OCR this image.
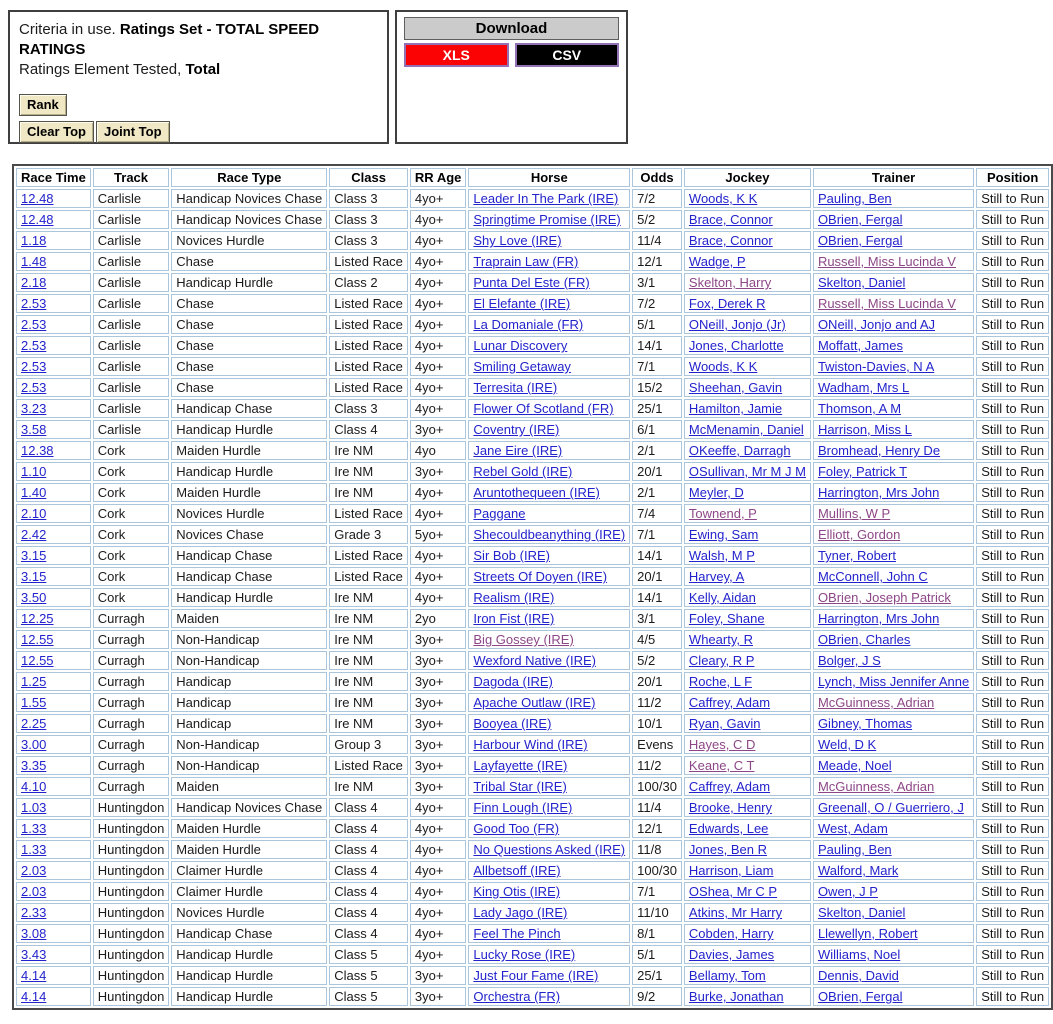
Criteria in use. Ratings Set - TOTAL SPEED RATINGS
Ratings Element Tested, Total
Rank
Clear Top	Joint Top
Download
XLS	CSV
Race Time	Track	Race Type	Class	RR Age	Horse	Odds	Jockey	Trainer	Position
12.48	Carlisle	Handicap Novices Chase	Class 3	4yo+	Leader In The Park (IRE)	7/2	Woods, K K	Pauling, Ben	Still to Run
12.48	Carlisle	Handicap Novices Chase	Class 3	4yo+	Springtime Promise (IRE)	5/2	Brace, Connor	OBrien, Fergal	Still to Run
1.18	Carlisle	Novices Hurdle	Class 3	4yo+	Shy Love (IRE)	11/4	Brace, Connor	OBrien, Fergal	Still to Run
1.48	Carlisle	Chase	Listed Race	4yo+	Traprain Law (FR)	12/1	Wadge, P	Russell, Miss Lucinda V	Still to Run
2.18	Carlisle	Handicap Hurdle	Class 2	4yo+	Punta Del Este (FR)	3/1	Skelton, Harry	Skelton, Daniel	Still to Run
2.53	Carlisle	Chase	Listed Race	4yo+	El Elefante (IRE)	7/2	Fox, Derek R	Russell, Miss Lucinda V	Still to Run
2.53	Carlisle	Chase	Listed Race	4yo+	La Domaniale (FR)	5/1	ONeill, Jonjo (Jr)	ONeill, Jonjo and AJ	Still to Run
2.53	Carlisle	Chase	Listed Race	4yo+	Lunar Discovery	14/1	Jones, Charlotte	Moffatt, James	Still to Run
2.53	Carlisle	Chase	Listed Race	4yo+	Smiling Getaway	7/1	Woods, K K	Twiston-Davies, N A	Still to Run
2.53	Carlisle	Chase	Listed Race	4yo+	Terresita (IRE)	15/2	Sheehan, Gavin	Wadham, Mrs L	Still to Run
3.23	Carlisle	Handicap Chase	Class 3	4yo+	Flower Of Scotland (FR)	25/1	Hamilton, Jamie	Thomson, A M	Still to Run
3.58	Carlisle	Handicap Hurdle	Class 4	3yo+	Coventry (IRE)	6/1	McMenamin, Daniel	Harrison, Miss L	Still to Run
12.38	Cork	Maiden Hurdle	Ire NM	4yo	Jane Eire (IRE)	2/1	OKeeffe, Darragh	Bromhead, Henry De	Still to Run
1.10	Cork	Handicap Hurdle	Ire NM	3yo+	Rebel Gold (IRE)	20/1	OSullivan, Mr M J M	Foley, Patrick T	Still to Run
1.40	Cork	Maiden Hurdle	Ire NM	4yo+	Aruntothequeen (IRE)	2/1	Meyler, D	Harrington, Mrs John	Still to Run
2.10	Cork	Novices Hurdle	Listed Race	4yo+	Paggane	7/4	Townend, P	Mullins, W P	Still to Run
2.42	Cork	Novices Chase	Grade 3	5yo+	Shecouldbeanything (IRE)	7/1	Ewing, Sam	Elliott, Gordon	Still to Run
3.15	Cork	Handicap Chase	Listed Race	4yo+	Sir Bob (IRE)	14/1	Walsh, M P	Tyner, Robert	Still to Run
3.15	Cork	Handicap Chase	Listed Race	4yo+	Streets Of Doyen (IRE)	20/1	Harvey, A	McConnell, John C	Still to Run
3.50	Cork	Handicap Hurdle	Ire NM	4yo+	Realism (IRE)	14/1	Kelly, Aidan	OBrien, Joseph Patrick	Still to Run
12.25	Curragh	Maiden	Ire NM	2yo	Iron Fist (IRE)	3/1	Foley, Shane	Harrington, Mrs John	Still to Run
12.55	Curragh	Non-Handicap	Ire NM	3yo+	Big Gossey (IRE)	4/5	Whearty, R	OBrien, Charles	Still to Run
12.55	Curragh	Non-Handicap	Ire NM	3yo+	Wexford Native (IRE)	5/2	Cleary, R P	Bolger, J S	Still to Run
1.25	Curragh	Handicap	Ire NM	3yo+	Dagoda (IRE)	20/1	Roche, L F	Lynch, Miss Jennifer Anne	Still to Run
1.55	Curragh	Handicap	Ire NM	3yo+	Apache Outlaw (IRE)	11/2	Caffrey, Adam	McGuinness, Adrian	Still to Run
2.25	Curragh	Handicap	Ire NM	3yo+	Booyea (IRE)	10/1	Ryan, Gavin	Gibney, Thomas	Still to Run
3.00	Curragh	Non-Handicap	Group 3	3yo+	Harbour Wind (IRE)	Evens	Hayes, C D	Weld, D K	Still to Run
3.35	Curragh	Non-Handicap	Listed Race	3yo+	Layfayette (IRE)	11/2	Keane, C T	Meade, Noel	Still to Run
4.10	Curragh	Maiden	Ire NM	3yo+	Tribal Star (IRE)	100/30	Caffrey, Adam	McGuinness, Adrian	Still to Run
1.03	Huntingdon	Handicap Novices Chase	Class 4	4yo+	Finn Lough (IRE)	11/4	Brooke, Henry	Greenall, O / Guerriero, J	Still to Run
1.33	Huntingdon	Maiden Hurdle	Class 4	4yo+	Good Too (FR)	12/1	Edwards, Lee	West, Adam	Still to Run
1.33	Huntingdon	Maiden Hurdle	Class 4	4yo+	No Questions Asked (IRE)	11/8	Jones, Ben R	Pauling, Ben	Still to Run
2.03	Huntingdon	Claimer Hurdle	Class 4	4yo+	Allbetsoff (IRE)	100/30	Harrison, Liam	Walford, Mark	Still to Run
2.03	Huntingdon	Claimer Hurdle	Class 4	4yo+	King Otis (IRE)	7/1	OShea, Mr C P	Owen, J P	Still to Run
2.33	Huntingdon	Novices Hurdle	Class 4	4yo+	Lady Jago (IRE)	11/10	Atkins, Mr Harry	Skelton, Daniel	Still to Run
3.08	Huntingdon	Handicap Chase	Class 4	4yo+	Feel The Pinch	8/1	Cobden, Harry	Llewellyn, Robert	Still to Run
3.43	Huntingdon	Handicap Hurdle	Class 5	4yo+	Lucky Rose (IRE)	5/1	Davies, James	Williams, Noel	Still to Run
4.14	Huntingdon	Handicap Hurdle	Class 5	3yo+	Just Four Fame (IRE)	25/1	Bellamy, Tom	Dennis, David	Still to Run
4.14	Huntingdon	Handicap Hurdle	Class 5	3yo+	Orchestra (FR)	9/2	Burke, Jonathan	OBrien, Fergal	Still to Run
